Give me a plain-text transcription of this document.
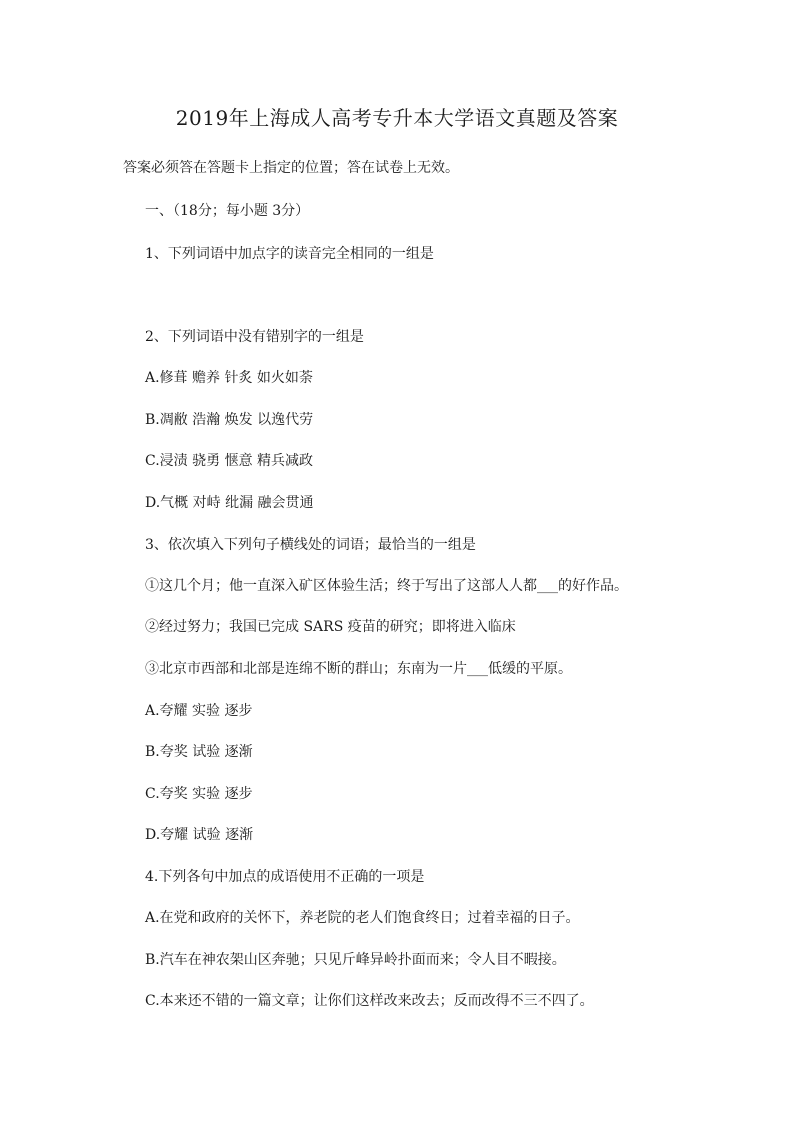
2019年上海成人高考专升本大学语文真题及答案
答案必须答在答题卡上指定的位置；答在试卷上无效。
一、（18分；每小题 3分）
1、下列词语中加点字的读音完全相同的一组是
2、下列词语中没有错别字的一组是
A.修葺 赡养 针炙 如火如荼
B.凋敝 浩瀚 焕发 以逸代劳
C.浸渍 骁勇 惬意 精兵减政
D.气概 对峙 纰漏 融会贯通
3、依次填入下列句子横线处的词语；最恰当的一组是
①这几个月；他一直深入矿区体验生活；终于写出了这部人人都___的好作品。
②经过努力；我国已完成 SARS 疫苗的研究；即将进入临床
③北京市西部和北部是连绵不断的群山；东南为一片___低缓的平原。
A.夸耀 实验 逐步
B.夸奖 试验 逐渐
C.夸奖 实验 逐步
D.夸耀 试验 逐渐
4.下列各句中加点的成语使用不正确的一项是
A.在党和政府的关怀下，养老院的老人们饱食终日；过着幸福的日子。
B.汽车在神农架山区奔驰；只见斤峰异岭扑面而来；令人目不暇接。
C.本来还不错的一篇文章；让你们这样改来改去；反而改得不三不四了。
